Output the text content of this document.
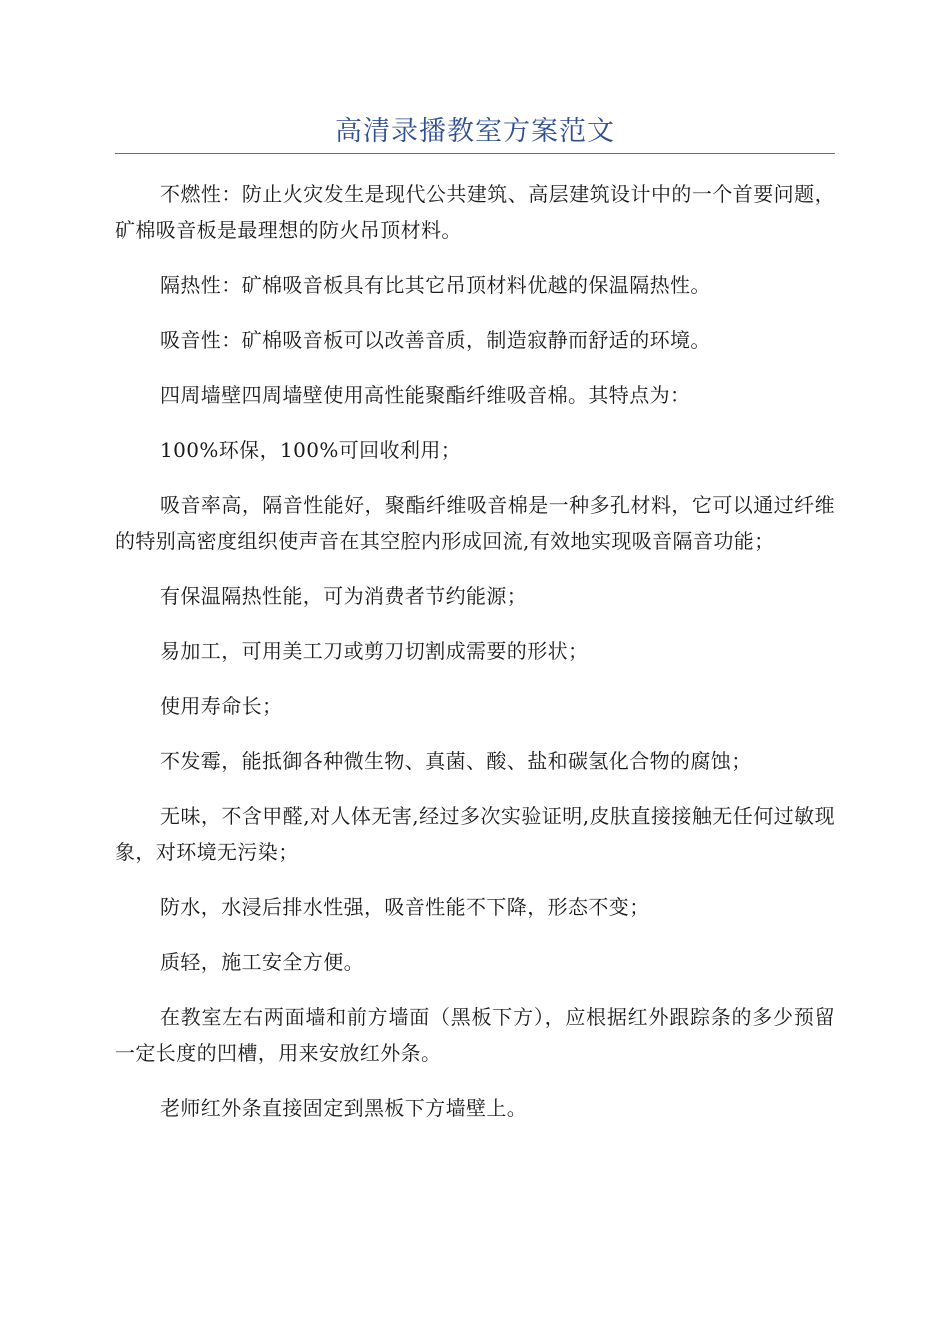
高清录播教室方案范文

不燃性：防止火灾发生是现代公共建筑、高层建筑设计中的一个首要问题，矿棉吸音板是最理想的防火吊顶材料。

隔热性：矿棉吸音板具有比其它吊顶材料优越的保温隔热性。

吸音性：矿棉吸音板可以改善音质，制造寂静而舒适的环境。

四周墙壁四周墙壁使用高性能聚酯纤维吸音棉。其特点为：

100%环保，100%可回收利用；

吸音率高，隔音性能好，聚酯纤维吸音棉是一种多孔材料，它可以通过纤维的特别高密度组织使声音在其空腔内形成回流,有效地实现吸音隔音功能；

有保温隔热性能，可为消费者节约能源；

易加工，可用美工刀或剪刀切割成需要的形状；

使用寿命长；

不发霉，能抵御各种微生物、真菌、酸、盐和碳氢化合物的腐蚀；

无味，不含甲醛,对人体无害,经过多次实验证明,皮肤直接接触无任何过敏现象，对环境无污染；

防水，水浸后排水性强，吸音性能不下降，形态不变；

质轻，施工安全方便。

在教室左右两面墙和前方墙面（黑板下方），应根据红外跟踪条的多少预留一定长度的凹槽，用来安放红外条。

老师红外条直接固定到黑板下方墙壁上。
